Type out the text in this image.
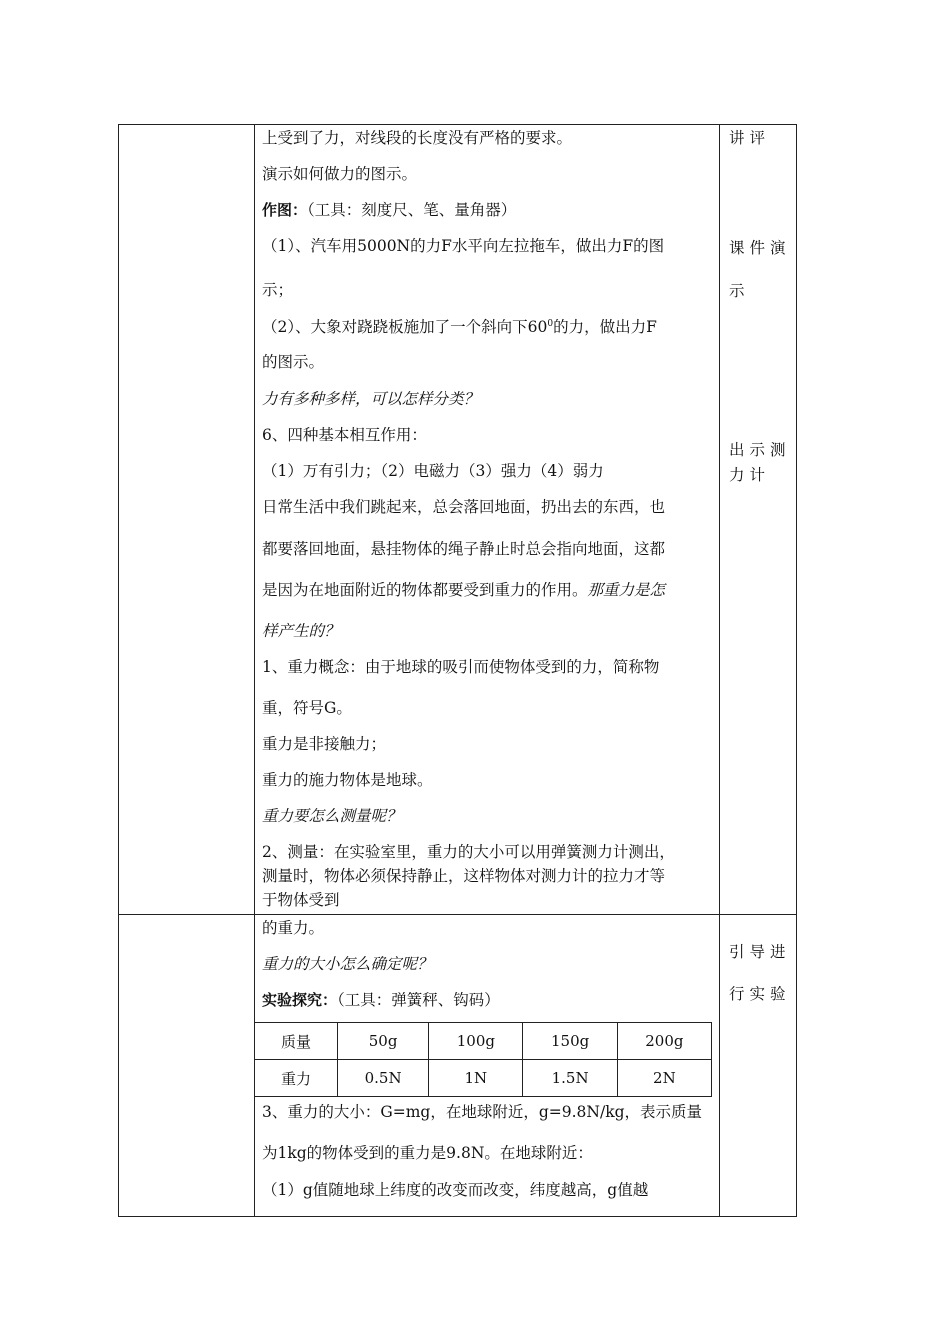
上受到了力，对线段的长度没有严格的要求。
演示如何做力的图示。
作图：（工具：刻度尺、笔、量角器）
（1）、汽车用5000N的力F水平向左拉拖车，做出力F的图
示；
（2）、大象对跷跷板施加了一个斜向下$60^0$的力，做出力F
的图示。
力有多种多样，可以怎样分类？
6、四种基本相互作用：
（1）万有引力；（2）电磁力（3）强力（4）弱力
日常生活中我们跳起来，总会落回地面，扔出去的东西，也
都要落回地面，悬挂物体的绳子静止时总会指向地面，这都
是因为在地面附近的物体都要受到重力的作用。那重力是怎
样产生的？
1、重力概念：由于地球的吸引而使物体受到的力，简称物
重，符号G。
重力是非接触力；
重力的施力物体是地球。
重力要怎么测量呢？
2、测量：在实验室里，重力的大小可以用弹簧测力计测出，
测量时，物体必须保持静止，这样物体对测力计的拉力才等
于物体受到
讲评
课件演
示
出示测
力计
的重力。
重力的大小怎么确定呢？
实验探究：（工具：弹簧秤、钩码）
质量	50g	100g	150g	200g
重力	0.5N	1N	1.5N	2N
3、重力的大小：G=mg，在地球附近，g=9.8N/kg，表示质量
为1kg的物体受到的重力是9.8N。在地球附近：
（1）g值随地球上纬度的改变而改变，纬度越高，g值越
引导进
行实验
